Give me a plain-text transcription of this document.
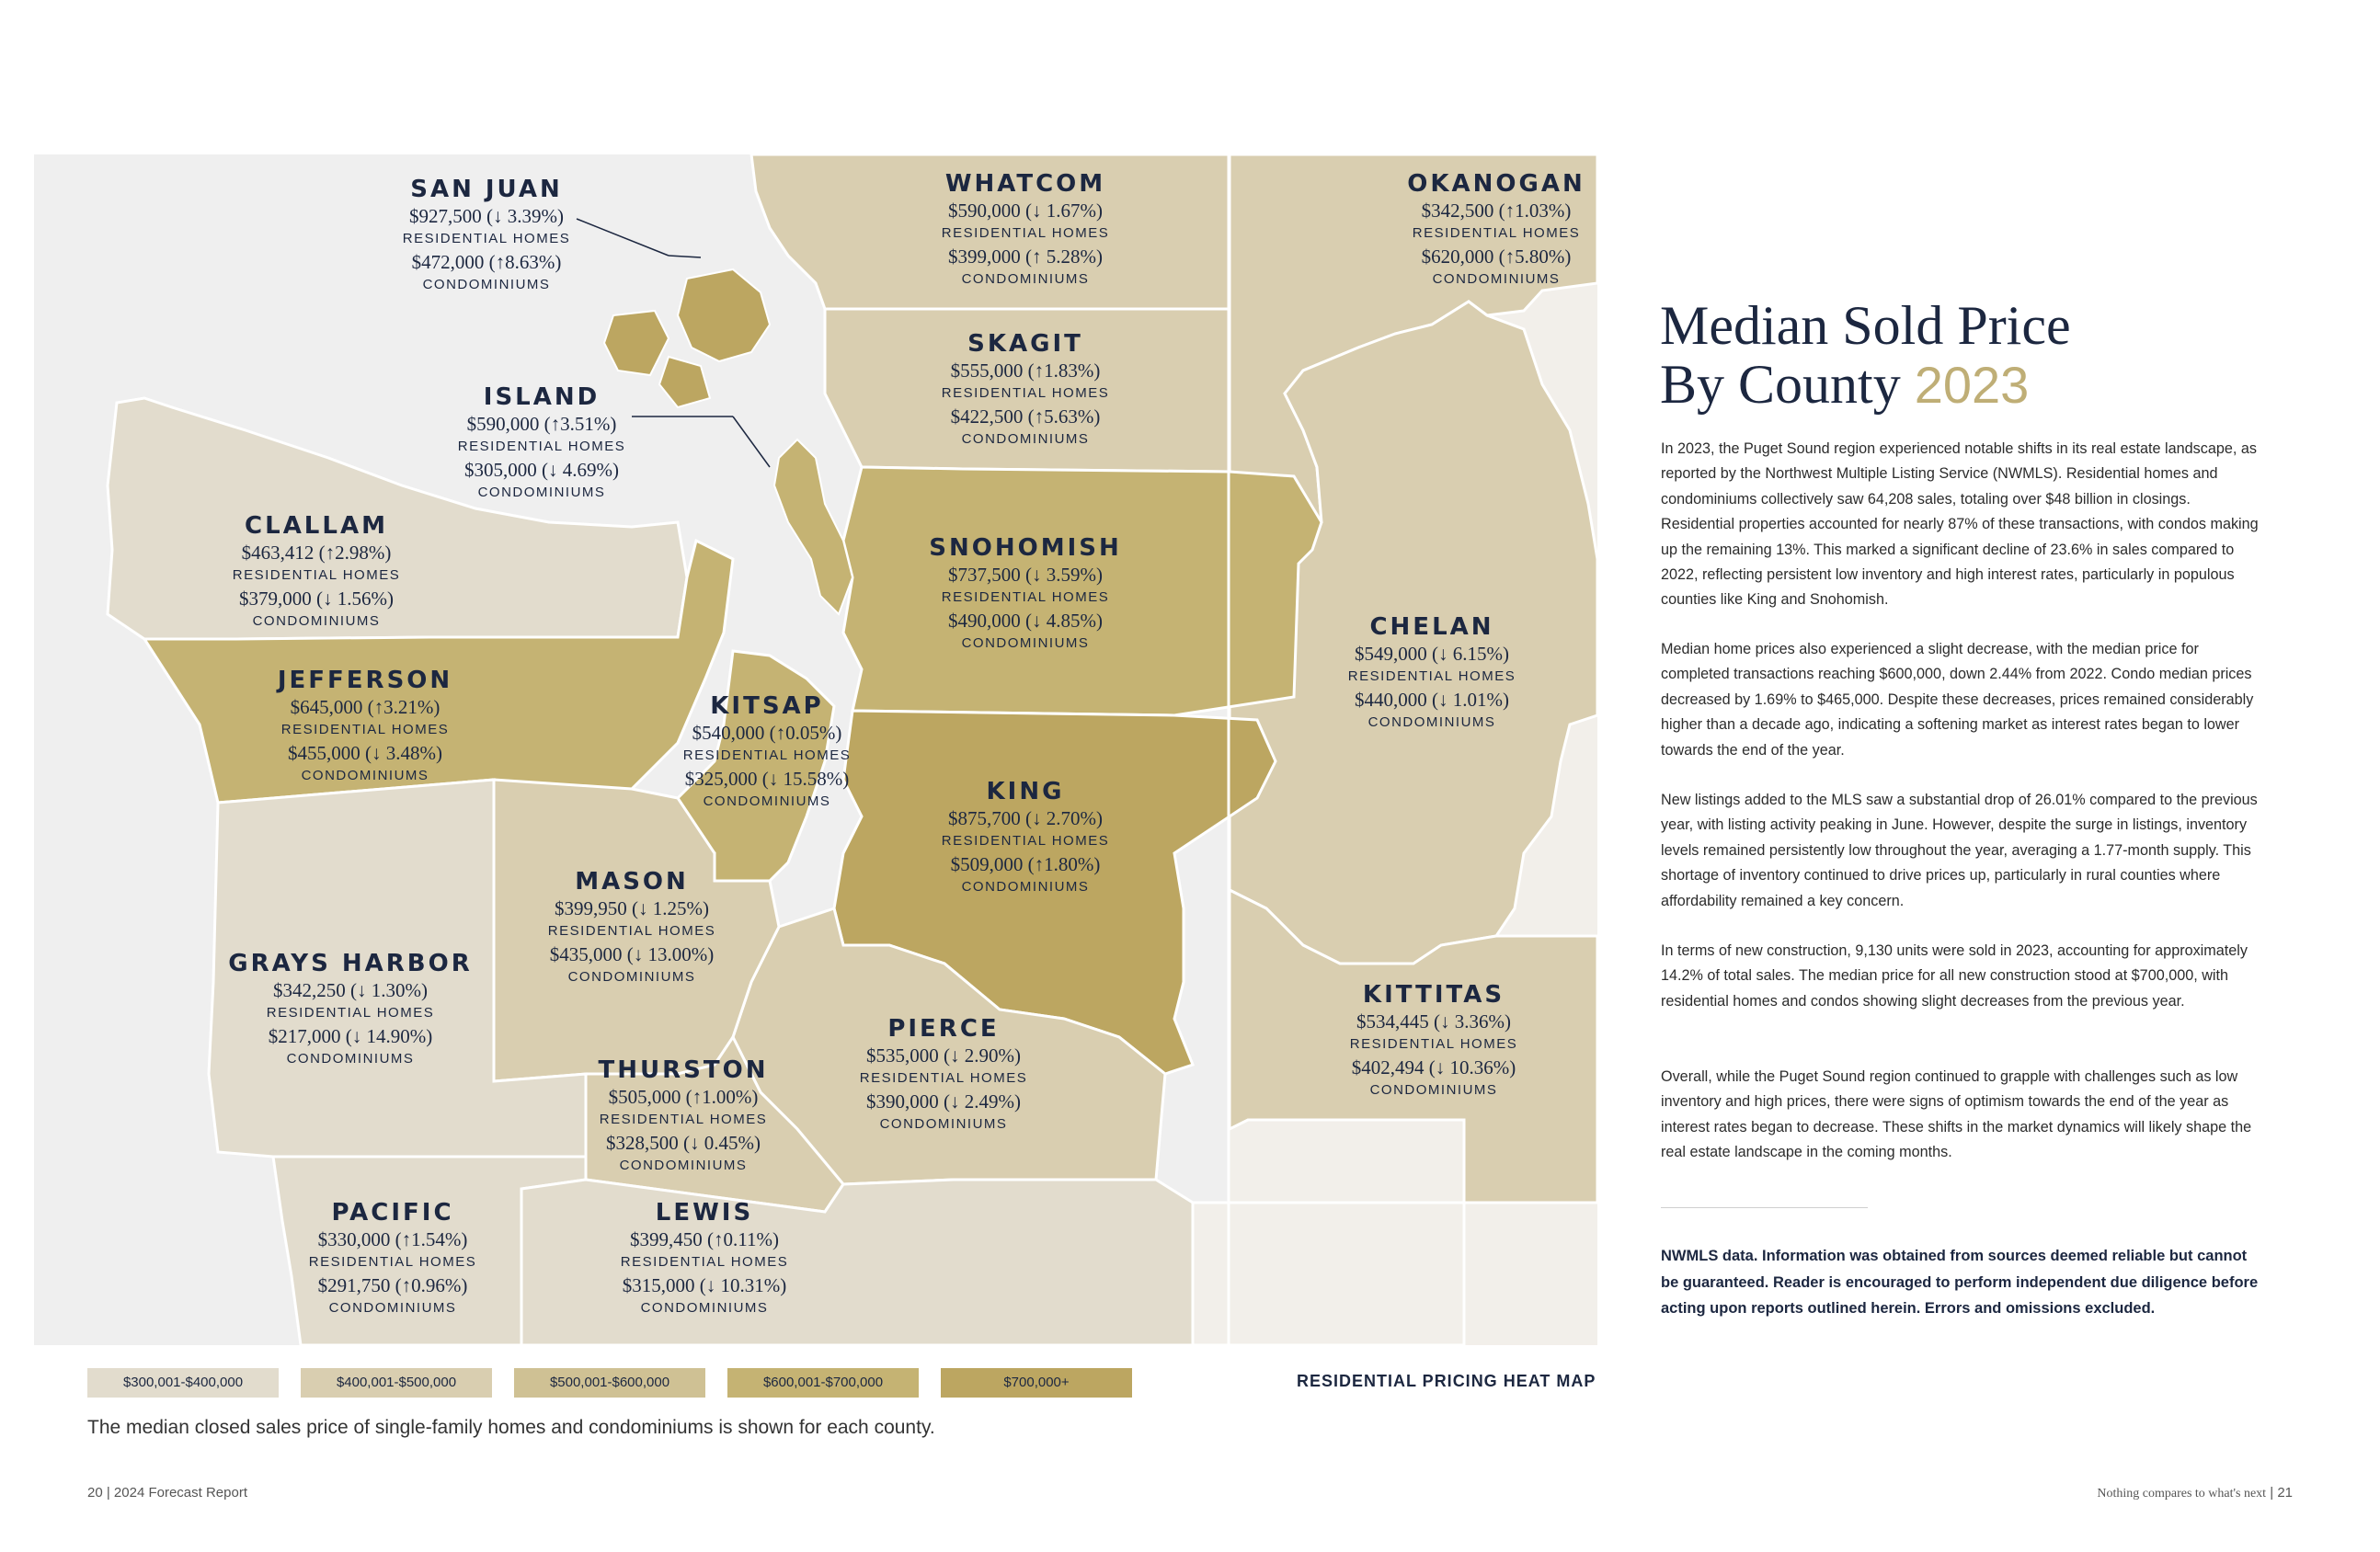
SAN JUAN
$927,500 (↓ 3.39%)
RESIDENTIAL HOMES
$472,000 (↑8.63%)
CONDOMINIUMS
WHATCOM
$590,000 (↓ 1.67%)
RESIDENTIAL HOMES
$399,000 (↑ 5.28%)
CONDOMINIUMS
OKANOGAN
$342,500 (↑1.03%)
RESIDENTIAL HOMES
$620,000 (↑5.80%)
CONDOMINIUMS
SKAGIT
$555,000 (↑1.83%)
RESIDENTIAL HOMES
$422,500 (↑5.63%)
CONDOMINIUMS
ISLAND
$590,000 (↑3.51%)
RESIDENTIAL HOMES
$305,000 (↓ 4.69%)
CONDOMINIUMS
CLALLAM
$463,412 (↑2.98%)
RESIDENTIAL HOMES
$379,000 (↓ 1.56%)
CONDOMINIUMS
SNOHOMISH
$737,500 (↓ 3.59%)
RESIDENTIAL HOMES
$490,000 (↓ 4.85%)
CONDOMINIUMS
CHELAN
$549,000 (↓ 6.15%)
RESIDENTIAL HOMES
$440,000 (↓ 1.01%)
CONDOMINIUMS
JEFFERSON
$645,000 (↑3.21%)
RESIDENTIAL HOMES
$455,000 (↓ 3.48%)
CONDOMINIUMS
KITSAP
$540,000 (↑0.05%)
RESIDENTIAL HOMES
$325,000 (↓ 15.58%)
CONDOMINIUMS	KING
$875,700 (↓ 2.70%)
RESIDENTIAL HOMES
$509,000 (↑1.80%)
CONDOMINIUMS
MASON
$399,950 (↓ 1.25%)
RESIDENTIAL HOMES
$435,000 (↓ 13.00%)
CONDOMINIUMS
GRAYS HARBOR
$342,250 (↓ 1.30%)
RESIDENTIAL HOMES
$217,000 (↓ 14.90%)
CONDOMINIUMS
KITTITAS
$534,445 (↓ 3.36%)
RESIDENTIAL HOMES
$402,494 (↓ 10.36%)
CONDOMINIUMS
PIERCE
$535,000 (↓ 2.90%)
RESIDENTIAL HOMES
$390,000 (↓ 2.49%)
CONDOMINIUMS
THURSTON
$505,000 (↑1.00%)
RESIDENTIAL HOMES
$328,500 (↓ 0.45%)
CONDOMINIUMS
PACIFIC
$330,000 (↑1.54%)
RESIDENTIAL HOMES
$291,750 (↑0.96%)
CONDOMINIUMS
LEWIS
$399,450 (↑0.11%)
RESIDENTIAL HOMES
$315,000 (↓ 10.31%)
CONDOMINIUMS
$300,001-$400,000	$400,001-$500,000	$500,001-$600,000	$600,001-$700,000	$700,000+	RESIDENTIAL PRICING HEAT MAP
The median closed sales price of single-family homes and condominiums is shown for each county.
20 | 2024 Forecast Report	Nothing compares to what's next | 21
Median Sold Price
By County 2023
In 2023, the Puget Sound region experienced notable shifts in its real estate landscape, as reported by the Northwest Multiple Listing Service (NWMLS). Residential homes and condominiums collectively saw 64,208 sales, totaling over $48 billion in closings. Residential properties accounted for nearly 87% of these transactions, with condos making up the remaining 13%. This marked a significant decline of 23.6% in sales compared to 2022, reflecting persistent low inventory and high interest rates, particularly in populous counties like King and Snohomish.
Median home prices also experienced a slight decrease, with the median price for completed transactions reaching $600,000, down 2.44% from 2022. Condo median prices decreased by 1.69% to $465,000. Despite these decreases, prices remained considerably higher than a decade ago, indicating a softening market as interest rates began to lower towards the end of the year.
New listings added to the MLS saw a substantial drop of 26.01% compared to the previous year, with listing activity peaking in June. However, despite the surge in listings, inventory levels remained persistently low throughout the year, averaging a 1.77-month supply. This shortage of inventory continued to drive prices up, particularly in rural counties where affordability remained a key concern.
In terms of new construction, 9,130 units were sold in 2023, accounting for approximately 14.2% of total sales. The median price for all new construction stood at $700,000, with residential homes and condos showing slight decreases from the previous year.
Overall, while the Puget Sound region continued to grapple with challenges such as low inventory and high prices, there were signs of optimism towards the end of the year as interest rates began to decrease. These shifts in the market dynamics will likely shape the real estate landscape in the coming months.
NWMLS data. Information was obtained from sources deemed reliable but cannot be guaranteed. Reader is encouraged to perform independent due diligence before acting upon reports outlined herein. Errors and omissions excluded.
